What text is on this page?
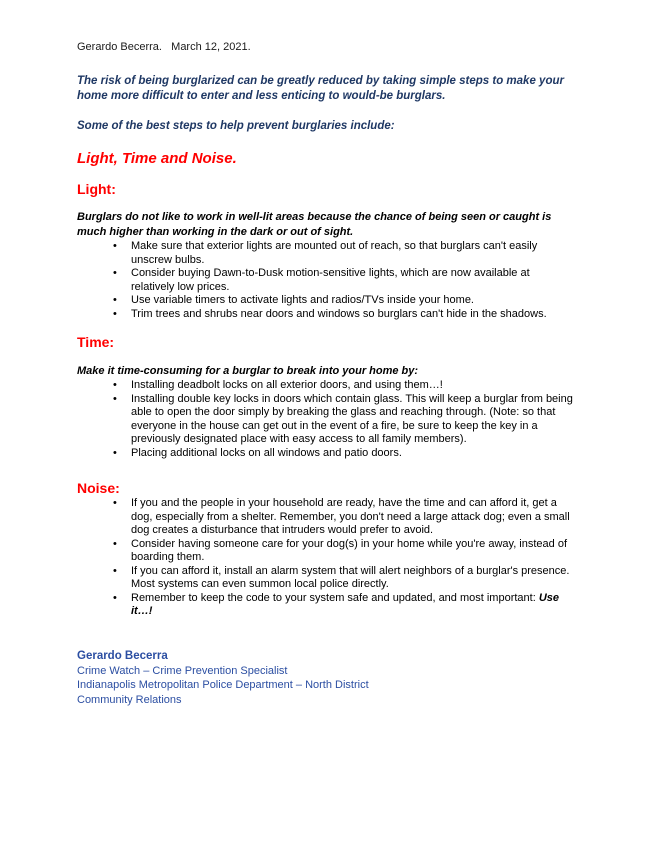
Gerardo Becerra.   March 12, 2021.

The risk of being burglarized can be greatly reduced by taking simple steps to make your home more difficult to enter and less enticing to would-be burglars.

Some of the best steps to help prevent burglaries include:

Light, Time and Noise.
Light:

Burglars do not like to work in well-lit areas because the chance of being seen or caught is much higher than working in the dark or out of sight.

• Make sure that exterior lights are mounted out of reach, so that burglars can't easily unscrew bulbs.
• Consider buying Dawn-to-Dusk motion-sensitive lights, which are now available at relatively low prices.
• Use variable timers to activate lights and radios/TVs inside your home.
• Trim trees and shrubs near doors and windows so burglars can't hide in the shadows.
Time:

Make it time-consuming for a burglar to break into your home by:

• Installing deadbolt locks on all exterior doors, and using them…!
• Installing double key locks in doors which contain glass. This will keep a burglar from being able to open the door simply by breaking the glass and reaching through. (Note: so that everyone in the house can get out in the event of a fire, be sure to keep the key in a previously designated place with easy access to all family members).
• Placing additional locks on all windows and patio doors.
Noise:
• If you and the people in your household are ready, have the time and can afford it, get a dog, especially from a shelter. Remember, you don't need a large attack dog; even a small dog creates a disturbance that intruders would prefer to avoid.
• Consider having someone care for your dog(s) in your home while you're away, instead of boarding them.
• If you can afford it, install an alarm system that will alert neighbors of a burglar's presence. Most systems can even summon local police directly.
• Remember to keep the code to your system safe and updated, and most important: Use it…!

Gerardo Becerra

Crime Watch – Crime Prevention Specialist

Indianapolis Metropolitan Police Department – North District

Community Relations
